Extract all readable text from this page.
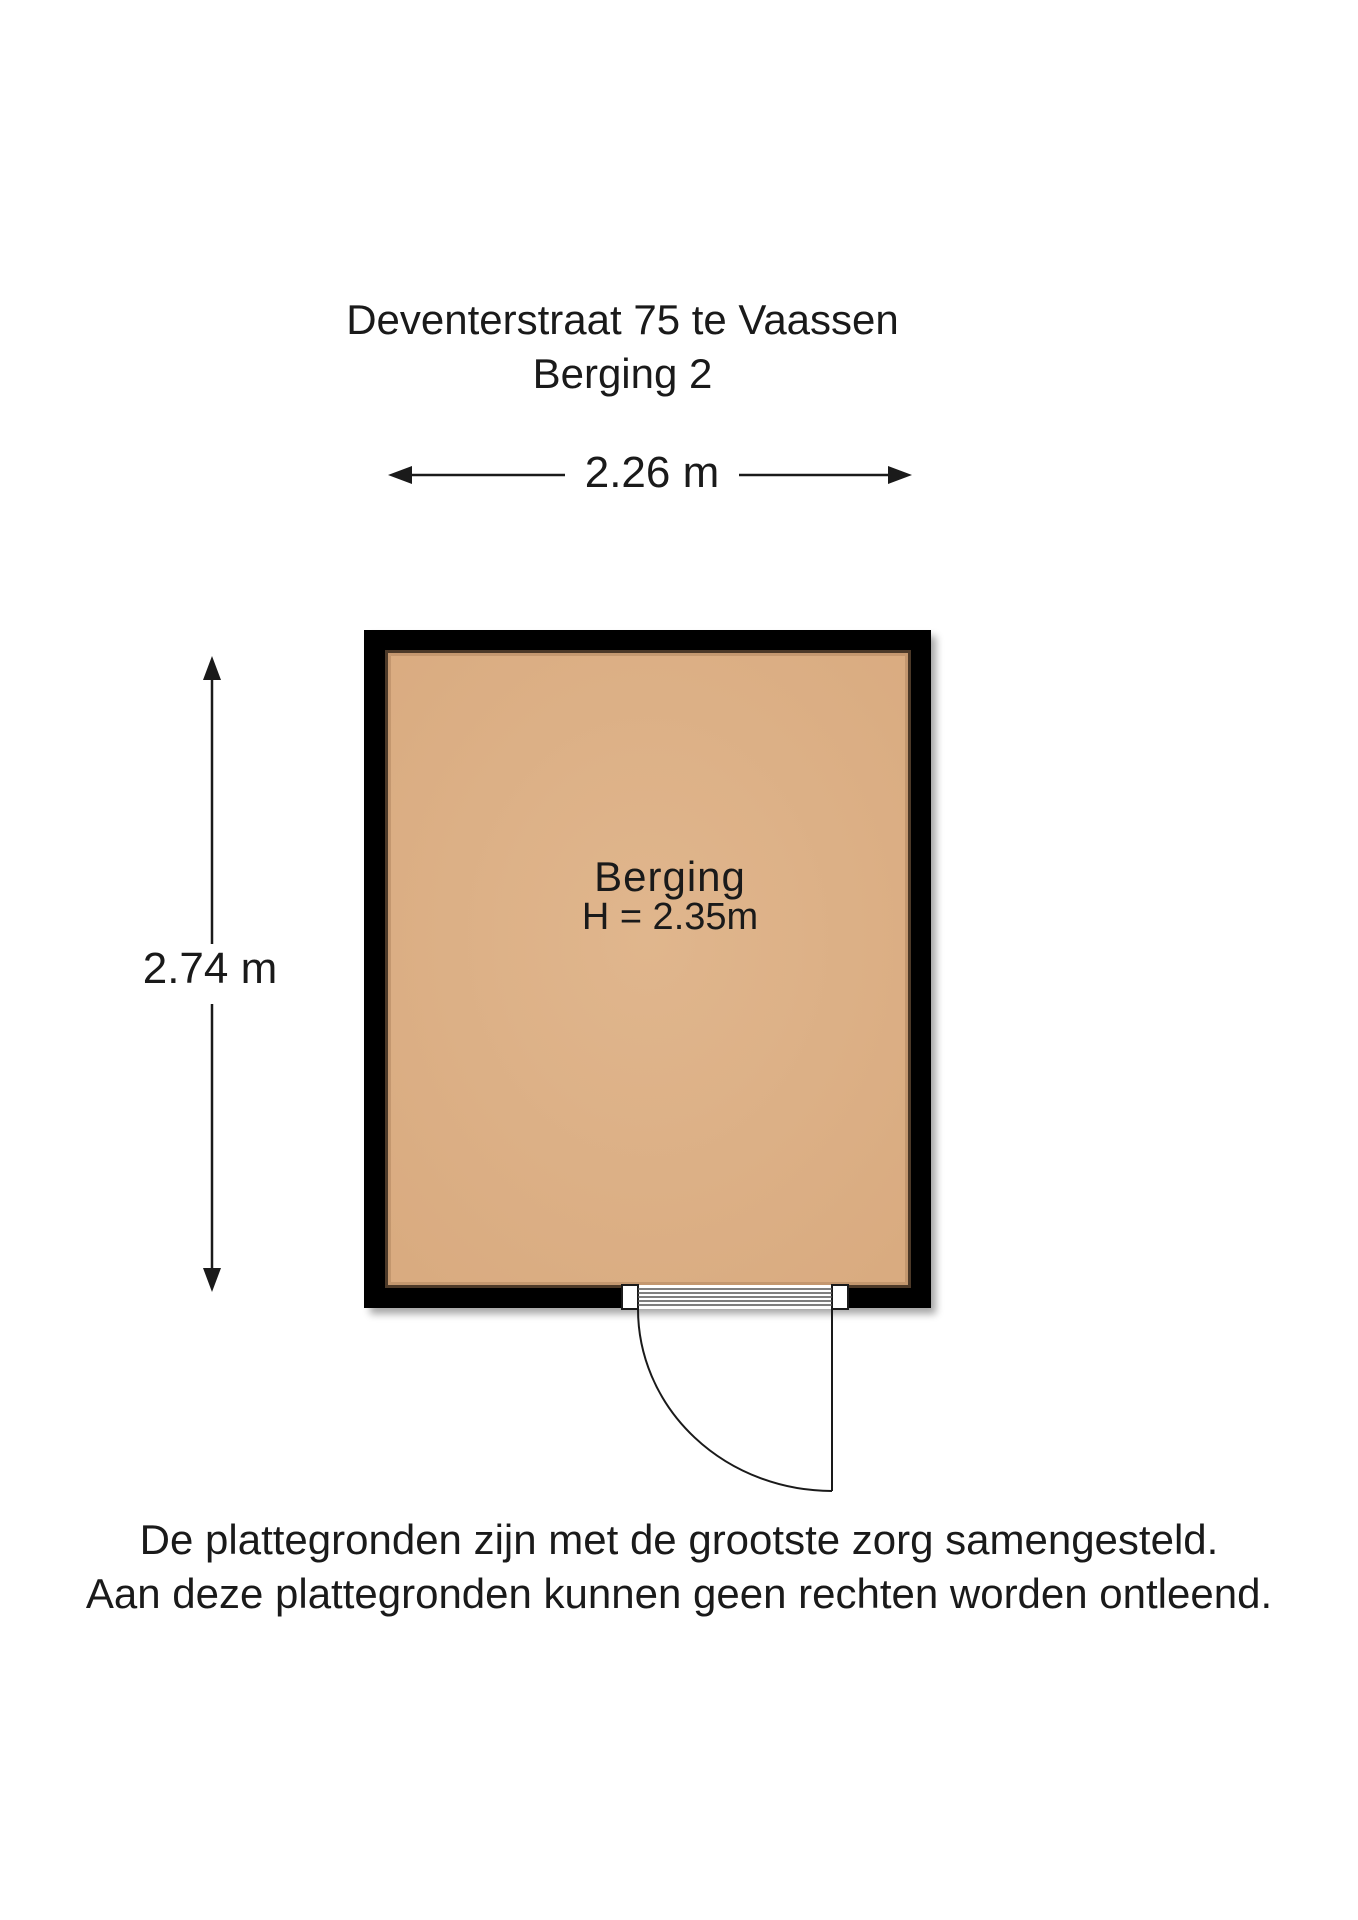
Deventerstraat 75 te Vaassen
Berging 2
2.26 m
2.74 m
Berging
H = 2.35m
De plattegronden zijn met de grootste zorg samengesteld.
Aan deze plattegronden kunnen geen rechten worden ontleend.
